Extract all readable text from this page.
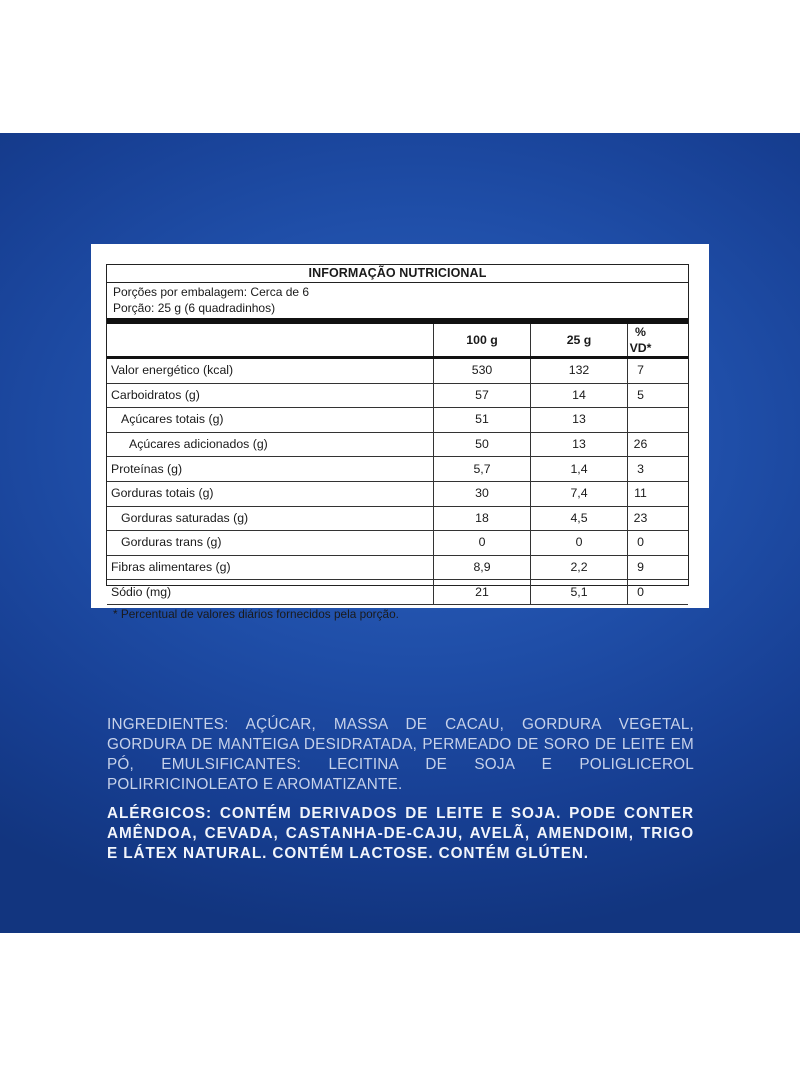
INFORMAÇÃO NUTRICIONAL
Porções por embalagem: Cerca de 6
Porção: 25 g (6 quadradinhos)
	100 g	25 g	% VD*
Valor energético (kcal)	530	132	7
Carboidratos (g)	57	14	5
Açúcares totais (g)	51	13	
Açúcares adicionados (g)	50	13	26
Proteínas (g)	5,7	1,4	3
Gorduras totais (g)	30	7,4	11
Gorduras saturadas (g)	18	4,5	23
Gorduras trans (g)	0	0	0
Fibras alimentares (g)	8,9	2,2	9
Sódio (mg)	21	5,1	0
* Percentual de valores diários fornecidos pela porção.
INGREDIENTES: AÇÚCAR, MASSA DE CACAU, GORDURA VEGETAL, GORDURA DE MANTEIGA DESIDRATADA, PERMEADO DE SORO DE LEITE EM PÓ, EMULSIFICANTES: LECITINA DE SOJA E POLIGLICEROL POLIRRICINOLEATO E AROMATIZANTE.
ALÉRGICOS: CONTÉM DERIVADOS DE LEITE E SOJA. PODE CONTER AMÊNDOA, CEVADA, CASTANHA-DE-CAJU, AVELÃ, AMENDOIM, TRIGO E LÁTEX NATURAL. CONTÉM LACTOSE. CONTÉM GLÚTEN.
